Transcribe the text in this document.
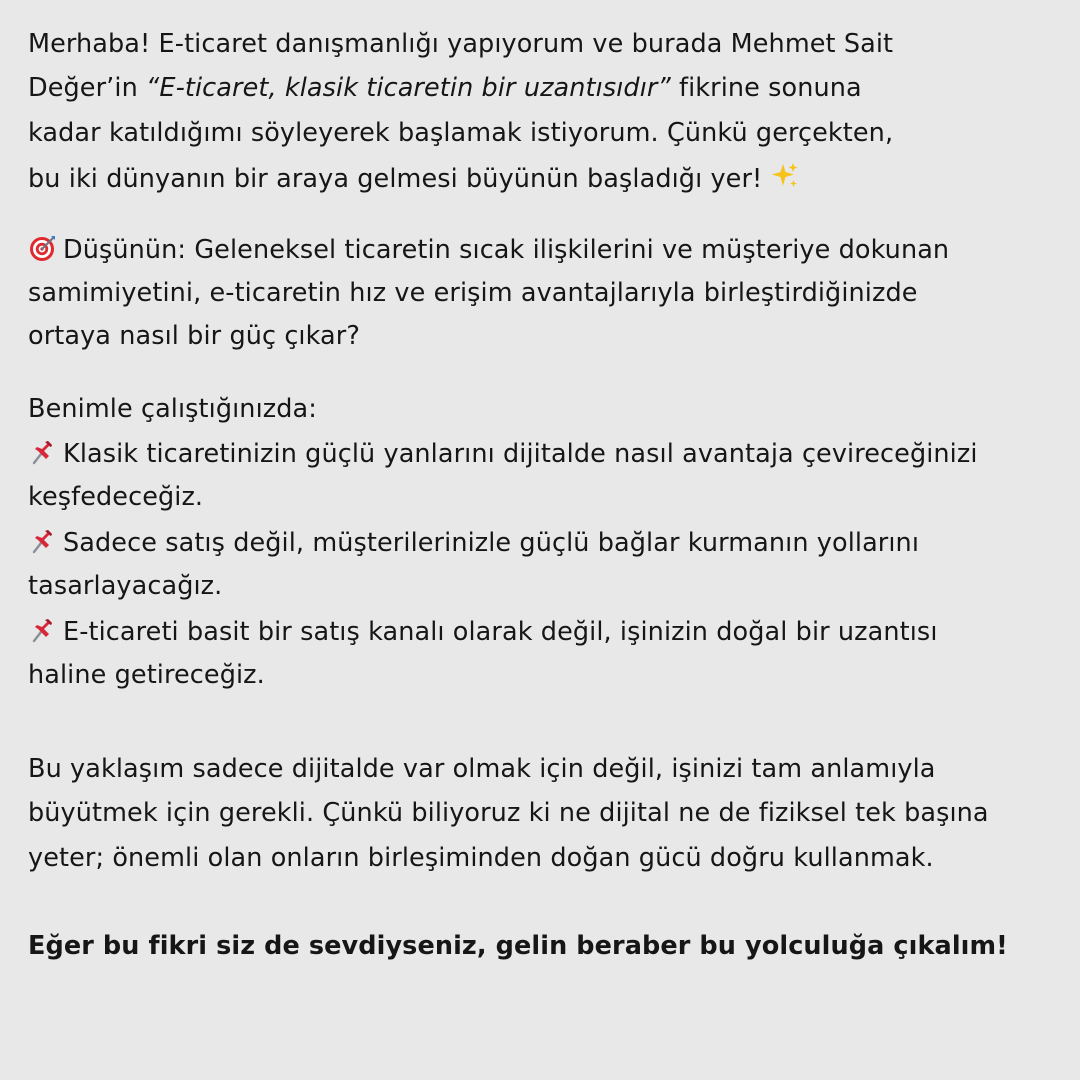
Merhaba! E-ticaret danışmanlığı yapıyorum ve burada Mehmet Sait
Değer’in “E-ticaret, klasik ticaretin bir uzantısıdır” fikrine sonuna
kadar katıldığımı söyleyerek başlamak istiyorum. Çünkü gerçekten,
bu iki dünyanın bir araya gelmesi büyünün başladığı yer!
Düşünün: Geleneksel ticaretin sıcak ilişkilerini ve müşteriye dokunan
samimiyetini, e-ticaretin hız ve erişim avantajlarıyla birleştirdiğinizde
ortaya nasıl bir güç çıkar?
Benimle çalıştığınızda:
Klasik ticaretinizin güçlü yanlarını dijitalde nasıl avantaja çevireceğinizi
keşfedeceğiz.
Sadece satış değil, müşterilerinizle güçlü bağlar kurmanın yollarını
tasarlayacağız.
E-ticareti basit bir satış kanalı olarak değil, işinizin doğal bir uzantısı
haline getireceğiz.
Bu yaklaşım sadece dijitalde var olmak için değil, işinizi tam anlamıyla
büyütmek için gerekli. Çünkü biliyoruz ki ne dijital ne de fiziksel tek başına
yeter; önemli olan onların birleşiminden doğan gücü doğru kullanmak.
Eğer bu fikri siz de sevdiyseniz, gelin beraber bu yolculuğa çıkalım!
